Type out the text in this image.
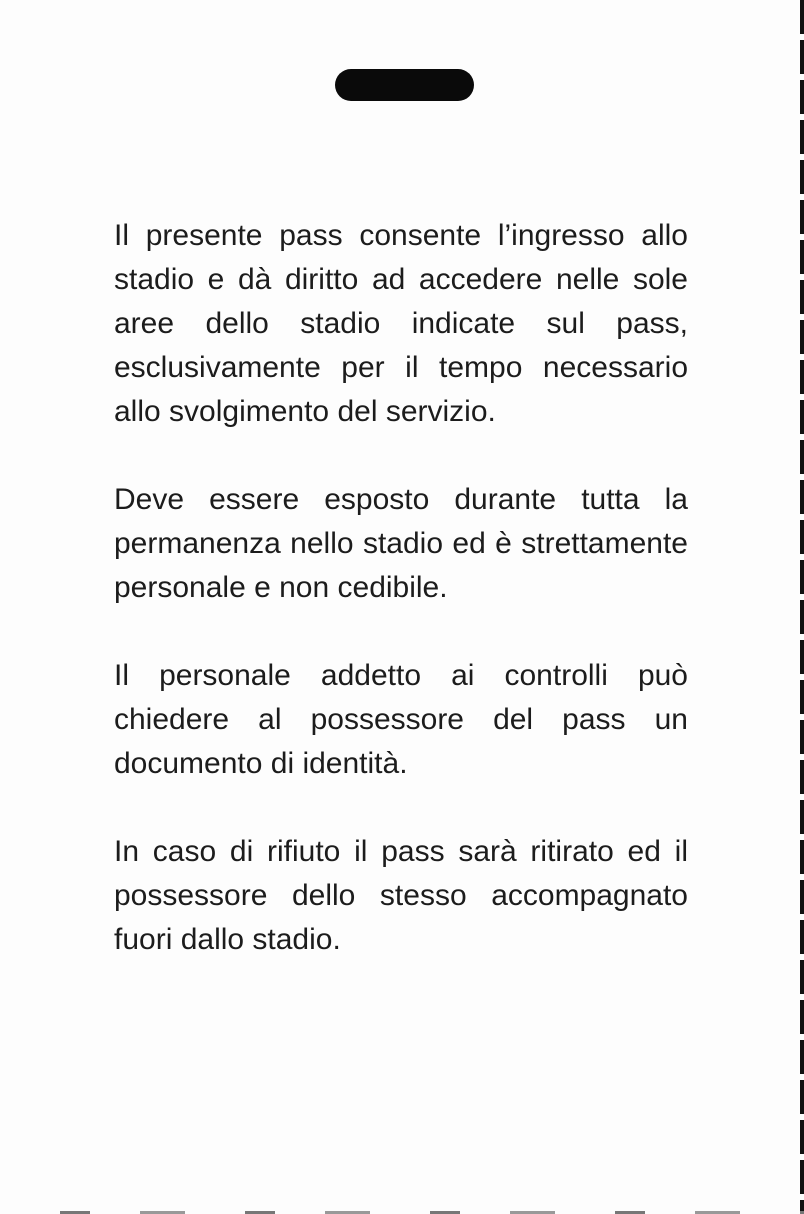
Il presente pass consente l’ingresso allo stadio e dà diritto ad accedere nelle sole aree dello stadio indicate sul pass, esclusivamente per il tempo necessario allo svolgimento del servizio.

Deve essere esposto durante tutta la permanenza nello stadio ed è strettamente personale e non cedibile.

Il personale addetto ai controlli può chiedere al possessore del pass un documento di identità.

In caso di rifiuto il pass sarà ritirato ed il possessore dello stesso accompagnato fuori dallo stadio.
